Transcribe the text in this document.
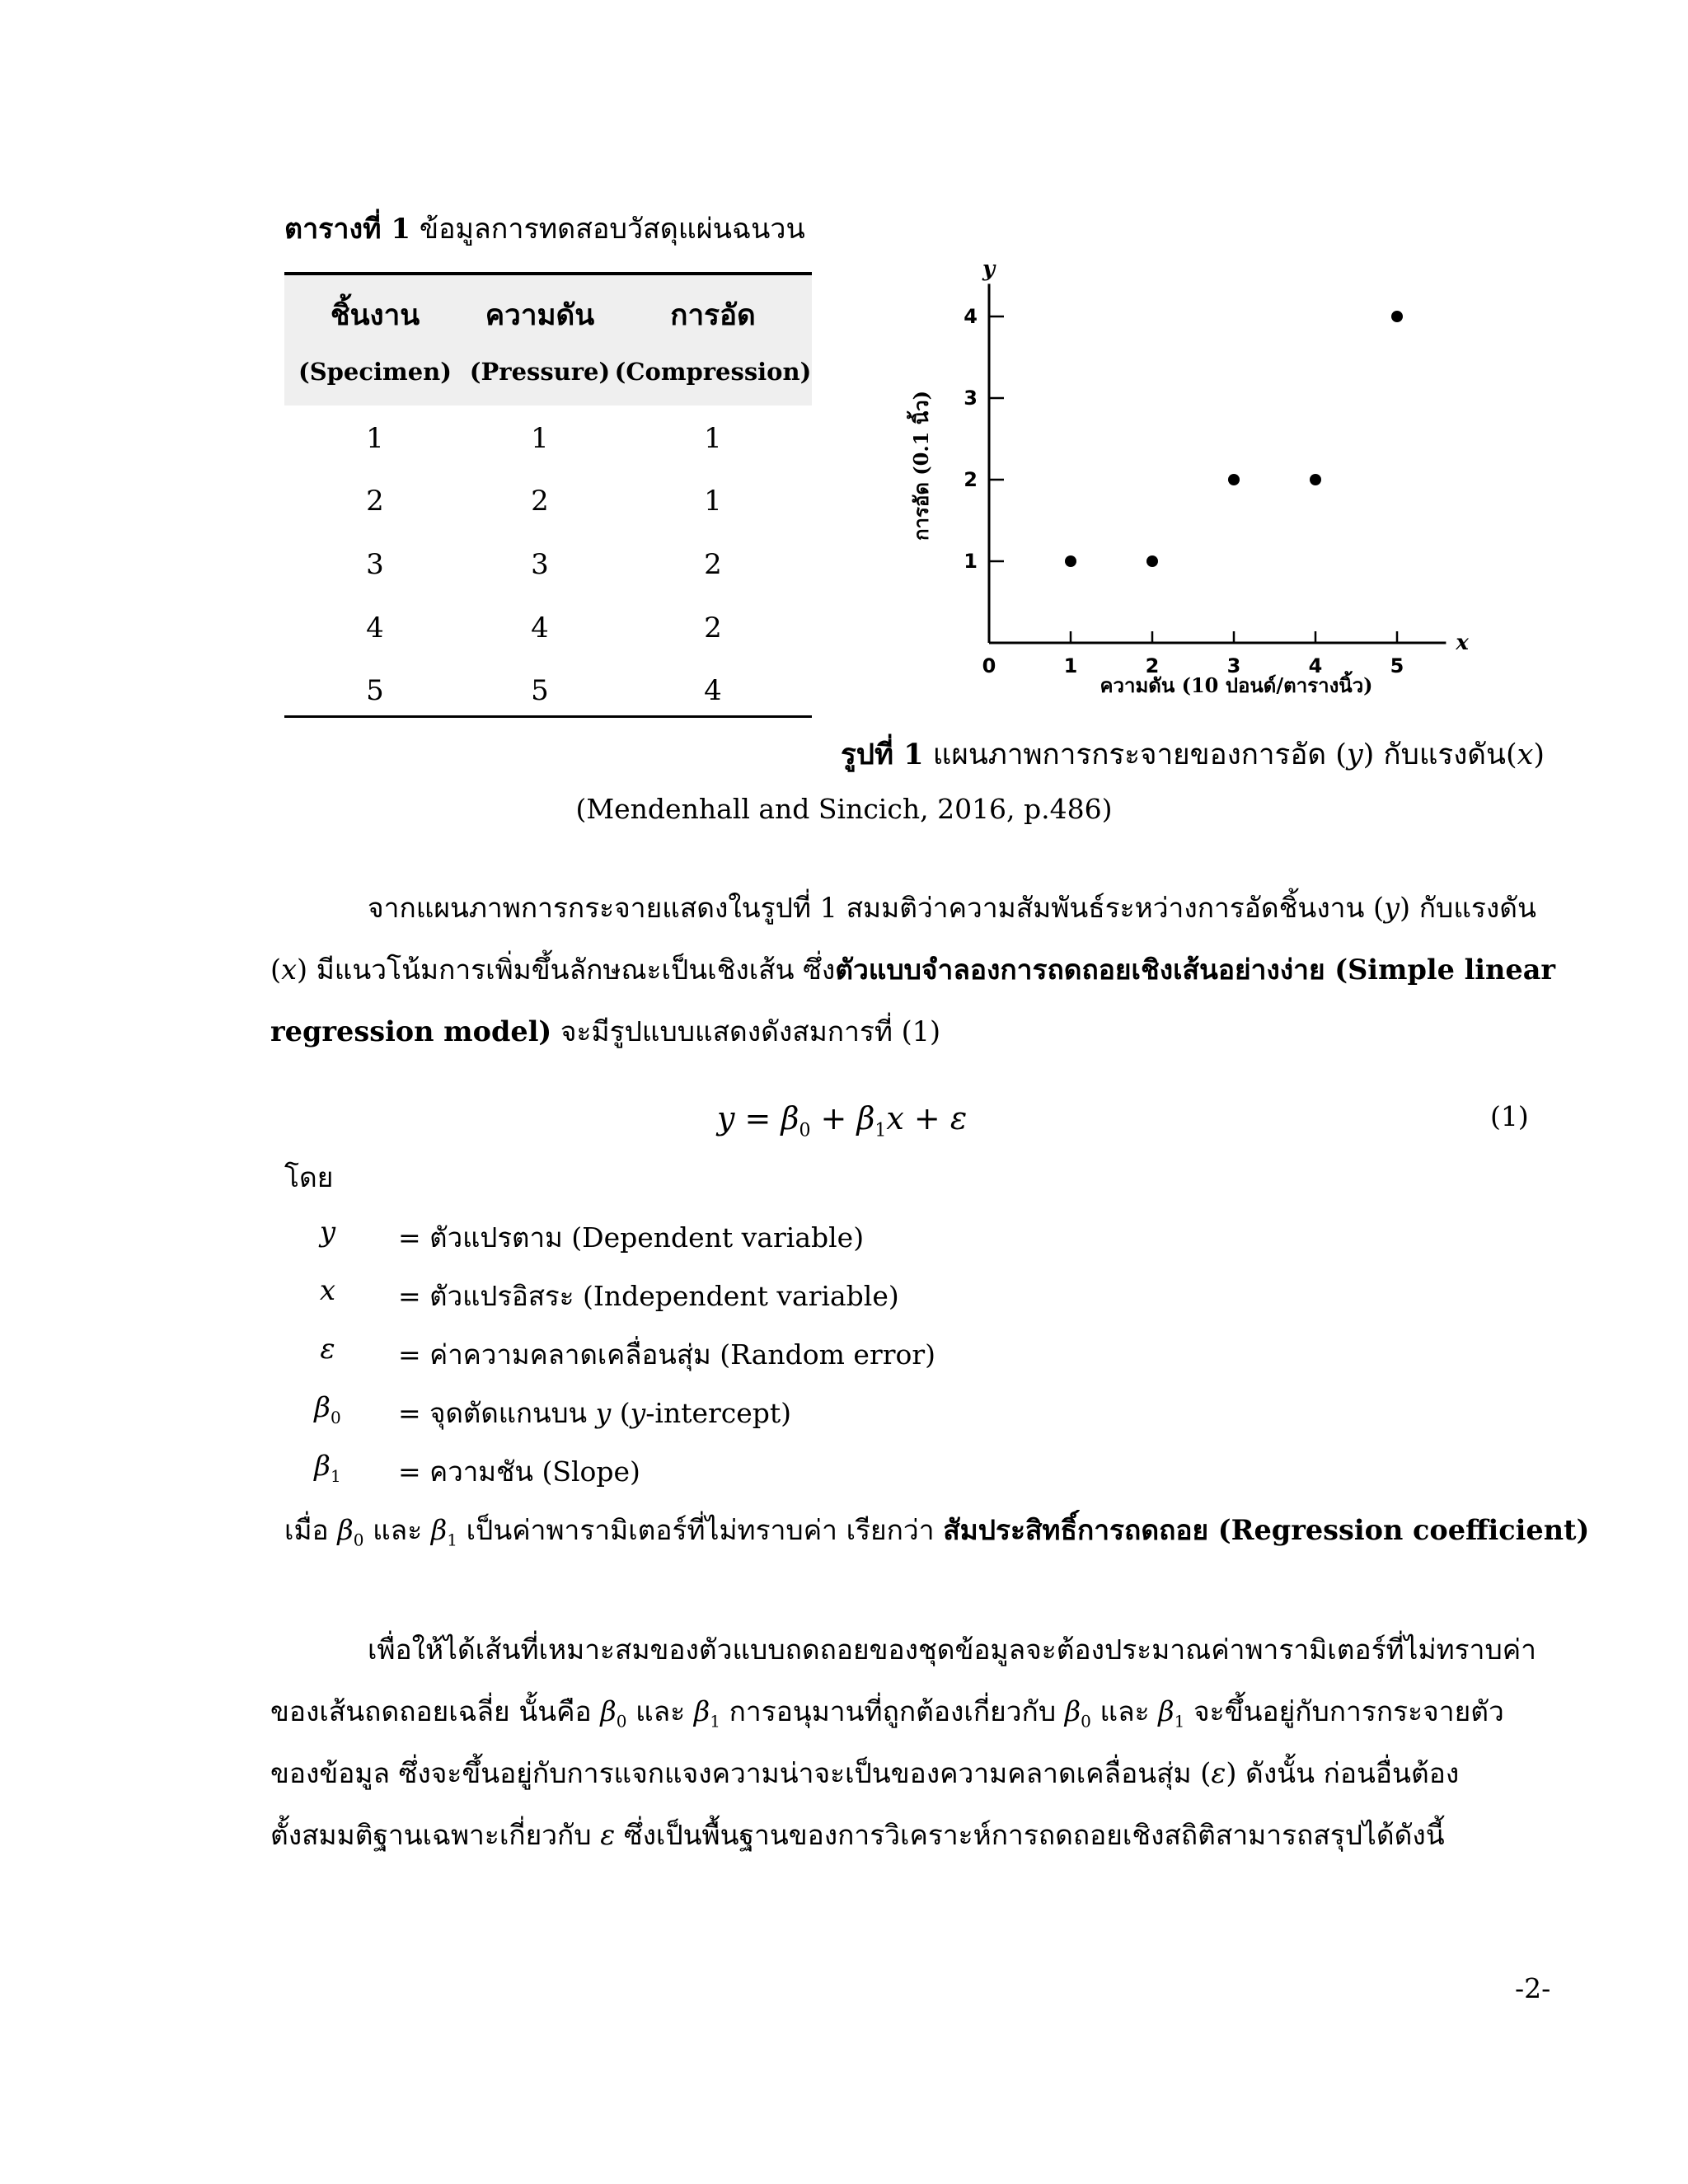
ตารางที่ 1 ข้อมูลการทดสอบวัสดุแผ่นฉนวน
ชิ้นงาน	ความดัน	การอัด
(Specimen) (Pressure) (Compression)
1	1	1
2	2	1
3	3	2
4	4	2
5	5	4
x
y
0	1	2	3	4	5
1
2
3
4
การอัด (0.1 นิ้ว)
ความดัน (10 ปอนด์/ตารางนิ้ว)
รูปที่ 1 แผนภาพการกระจายของการอัด (y) กับแรงดัน(x)
(Mendenhall and Sincich, 2016, p.486)
จากแผนภาพการกระจายแสดงในรูปที่ 1 สมมติว่าความสัมพันธ์ระหว่างการอัดชิ้นงาน (y) กับแรงดัน
(x) มีแนวโน้มการเพิ่มขึ้นลักษณะเป็นเชิงเส้น ซึ่งตัวแบบจำลองการถดถอยเชิงเส้นอย่างง่าย (Simple linear
regression model) จะมีรูปแบบแสดงดังสมการที่ (1)
$y = \beta_0 + \beta_1x + \varepsilon$	(1)
โดย
y	= ตัวแปรตาม (Dependent variable)
x	= ตัวแปรอิสระ (Independent variable)
ε	= ค่าความคลาดเคลื่อนสุ่ม (Random error)
$\beta_0$ = จุดตัดแกนบน y (y-intercept)
$\beta_1$ = ความชัน (Slope)
เมื่อ $\beta_0$ และ $\beta_1$ เป็นค่าพารามิเตอร์ที่ไม่ทราบค่า เรียกว่า สัมประสิทธิ์การถดถอย (Regression coefficient)
เพื่อให้ได้เส้นที่เหมาะสมของตัวแบบถดถอยของชุดข้อมูลจะต้องประมาณค่าพารามิเตอร์ที่ไม่ทราบค่า
ของเส้นถดถอยเฉลี่ย นั้นคือ $\beta_0$ และ $\beta_1$ การอนุมานที่ถูกต้องเกี่ยวกับ $\beta_0$ และ $\beta_1$ จะขึ้นอยู่กับการกระจายตัว
ของข้อมูล ซึ่งจะขึ้นอยู่กับการแจกแจงความน่าจะเป็นของความคลาดเคลื่อนสุ่ม (ε) ดังนั้น ก่อนอื่นต้อง
ตั้งสมมติฐานเฉพาะเกี่ยวกับ ε ซึ่งเป็นพื้นฐานของการวิเคราะห์การถดถอยเชิงสถิติสามารถสรุปได้ดังนี้
-2-
